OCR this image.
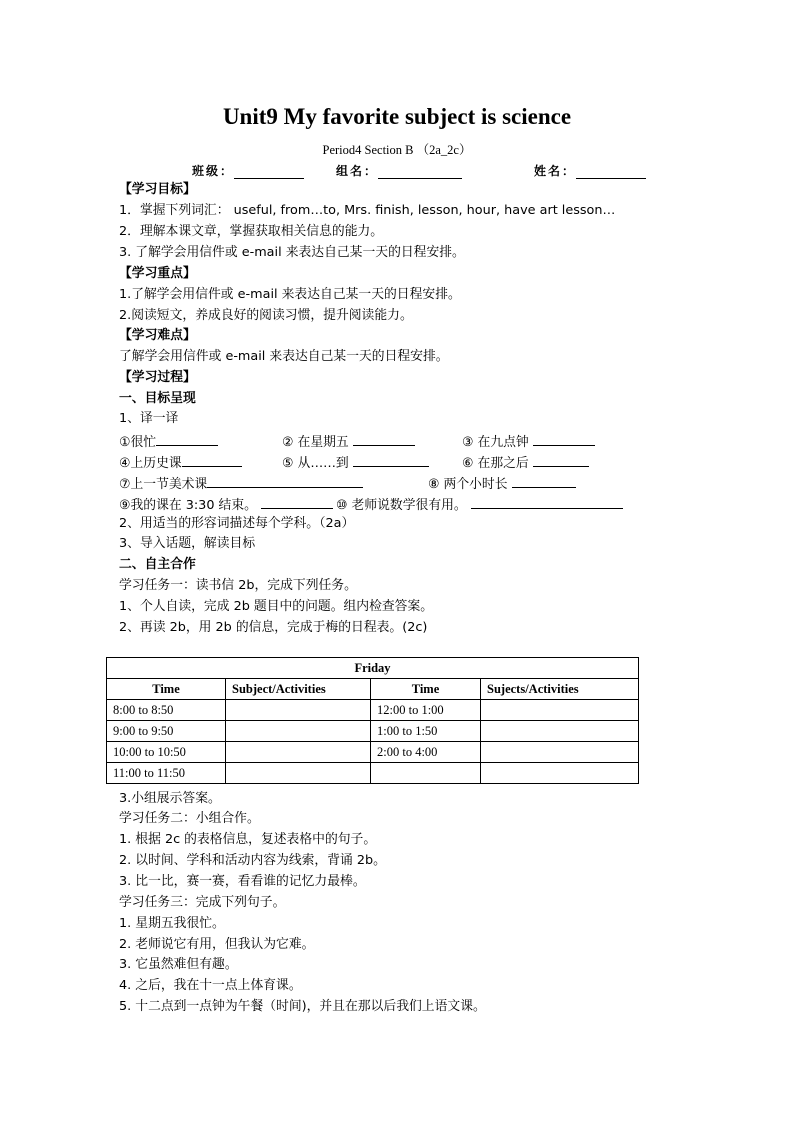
Unit9 My favorite subject is science
Period4 Section B （2a_2c）
班级：	组名：	姓名：
【学习目标】
1．掌握下列词汇： useful, from…to, Mrs. finish, lesson, hour, have art lesson…
2．理解本课文章，掌握获取相关信息的能力。
3. 了解学会用信件或 e-mail 来表达自己某一天的日程安排。
【学习重点】
1.了解学会用信件或 e-mail 来表达自己某一天的日程安排。
2.阅读短文，养成良好的阅读习惯，提升阅读能力。
【学习难点】
了解学会用信件或 e-mail 来表达自己某一天的日程安排。
【学习过程】
一、目标呈现
1、译一译
①很忙	② 在星期五	③ 在九点钟
④上历史课	⑤ 从……到	⑥ 在那之后
⑦上一节美术课	⑧ 两个小时长
⑨我的课在 3:30 结束。	⑩ 老师说数学很有用。
2、用适当的形容词描述每个学科。（2a）
3、导入话题，解读目标
二、自主合作
学习任务一：读书信 2b，完成下列任务。
1、个人自读，完成 2b 题目中的问题。组内检查答案。
2、再读 2b，用 2b 的信息，完成于梅的日程表。(2c)
Friday			
Time	Subject/Activities	Time	Sujects/Activities
8:00 to 8:50		12:00 to 1:00	
9:00 to 9:50		1:00 to 1:50	
10:00 to 10:50		2:00 to 4:00	
11:00 to 11:50			
3.小组展示答案。
学习任务二：小组合作。
1. 根据 2c 的表格信息，复述表格中的句子。
2. 以时间、学科和活动内容为线索，背诵 2b。
3. 比一比，赛一赛，看看谁的记忆力最棒。
学习任务三：完成下列句子。
1. 星期五我很忙。
2. 老师说它有用，但我认为它难。
3. 它虽然难但有趣。
4. 之后，我在十一点上体育课。
5. 十二点到一点钟为午餐（时间)，并且在那以后我们上语文课。
